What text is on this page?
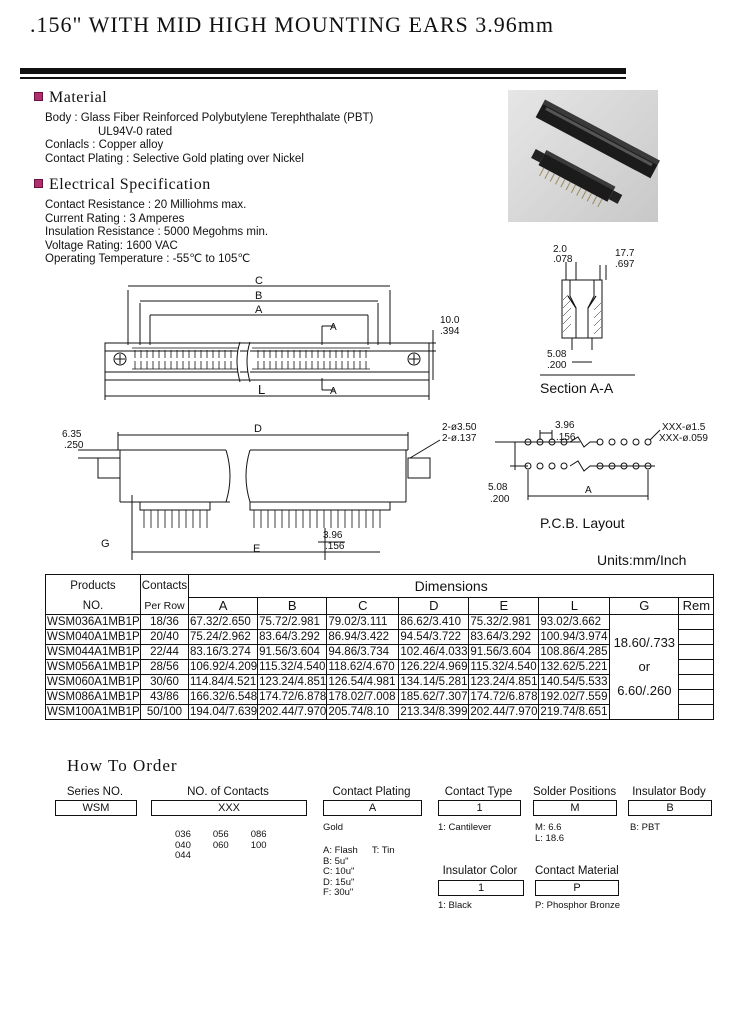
.156" WITH MID HIGH MOUNTING EARS 3.96mm
Material
Body : Glass Fiber Reinforced Polybutylene Terephthalate (PBT)
UL94V-0 rated
Conlacls : Copper alloy
Contact Plating : Selective Gold plating over Nickel
Electrical Specification
Contact Resistance : 20 Milliohms max.
Current Rating : 3 Amperes
Insulation Resistance : 5000 Megohms min.
Voltage Rating: 1600 VAC
Operating Temperature : -55℃ to 105℃
C
B
A
L
A
A
10.0
.394
2.0
.078
17.7
.697
5.08
.200
Section A-A
6.35
.250
D
E
G
2-ø3.50
2-ø.137
3.96
.156
3.96
.156
XXX-ø1.5
XXX-ø.059
5.08
.200
A
P.C.B. Layout
Units:mm/Inch
Products	Contacts	Dimensions							
NO.	Per Row	A	B	C	D	E	L	G	Rem
WSM036A1MB1P	18/36	67.32/2.650	75.72/2.981	79.02/3.111	86.62/3.410	75.32/2.981	93.02/3.662	18.60/.733
or
6.60/.260	

WSM040A1MB1P	20/40	75.24/2.962	83.64/3.292	86.94/3.422	94.54/3.722	83.64/3.292	100.94/3.974		
WSM044A1MB1P	22/44	83.16/3.274	91.56/3.604	94.86/3.734	102.46/4.033	91.56/3.604	108.86/4.285		
WSM056A1MB1P	28/56	106.92/4.209	115.32/4.540	118.62/4.670	126.22/4.969	115.32/4.540	132.62/5.221		
WSM060A1MB1P	30/60	114.84/4.521	123.24/4.851	126.54/4.981	134.14/5.281	123.24/4.851	140.54/5.533		
WSM086A1MB1P	43/86	166.32/6.548	174.72/6.878	178.02/7.008	185.62/7.307	174.72/6.878	192.02/7.559		
WSM100A1MB1P	50/100	194.04/7.639	202.44/7.970	205.74/8.10	213.34/8.399	202.44/7.970	219.74/8.651		
How To Order
Series NO.
WSM
NO. of Contacts
XXX
036 056 086
040 060 100
044
Contact Plating
A
Gold
A: Flash T: Tin
B: 5u"
C: 10u"
D: 15u"
F: 30u"
Contact Type
1
1: Cantilever
Solder Positions
M
M: 6.6
L: 18.6
Insulator Body
B
B: PBT
Insulator Color
1
1: Black
Contact Material
P
P: Phosphor Bronze
